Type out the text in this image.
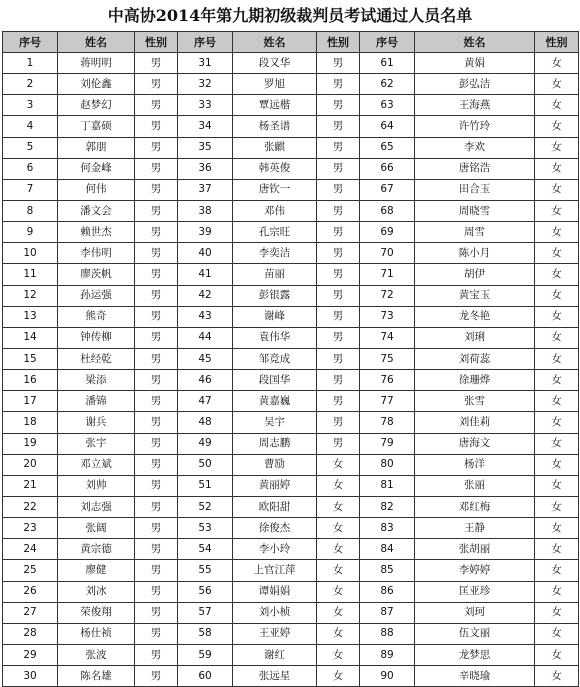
中高协2014年第九期初级裁判员考试通过人员名单
序号	姓名	性别	序号	姓名	性别	序号	姓名	性别
1	蒋明明	男	31	段又华	男	61	黄娟	女
2	刘伦鑫	男	32	罗旭	男	62	彭弘洁	女
3	赵梦幻	男	33	覃远楷	男	63	王海燕	女
4	丁嘉硕	男	34	杨圣谱	男	64	许竹玲	女
5	郭朋	男	35	张麒	男	65	李欢	女
6	何金峰	男	36	韩英俊	男	66	唐铭浩	女
7	何伟	男	37	唐钦一	男	67	田合玉	女
8	潘文会	男	38	邓伟	男	68	周晓雪	女
9	赖世杰	男	39	孔宗旺	男	69	周雪	女
10	李伟明	男	40	李奕洁	男	70	陈小月	女
11	廖茨帆	男	41	苗丽	男	71	胡伊	女
12	孙运强	男	42	彭银露	男	72	黄宝玉	女
13	熊奇	男	43	谢峰	男	73	龙冬艳	女
14	钟传柳	男	44	袁伟华	男	74	刘琍	女
15	杜经乾	男	45	邹竞成	男	75	刘荷蕊	女
16	梁添	男	46	段国华	男	76	徐珊烨	女
17	潘锦	男	47	黄嘉巍	男	77	张雪	女
18	谢兵	男	48	吴宇	男	78	刘佳莉	女
19	张宇	男	49	周志鹏	男	79	唐海文	女
20	邓立斌	男	50	曹励	女	80	杨洋	女
21	刘帅	男	51	黄丽婷	女	81	张丽	女
22	刘志强	男	52	欧阳甜	女	82	邓红梅	女
23	张阔	男	53	徐俊杰	女	83	王静	女
24	黄宗德	男	54	李小玲	女	84	张胡丽	女
25	廖健	男	55	上官江萍	女	85	李婷婷	女
26	刘冰	男	56	谭娟娟	女	86	匡亚珍	女
27	荣俊翔	男	57	刘小桢	女	87	刘珂	女
28	杨仕祯	男	58	王亚婷	女	88	伍文丽	女
29	张波	男	59	谢红	女	89	龙梦思	女
30	陈名雄	男	60	张远星	女	90	辛晓瑜	女
